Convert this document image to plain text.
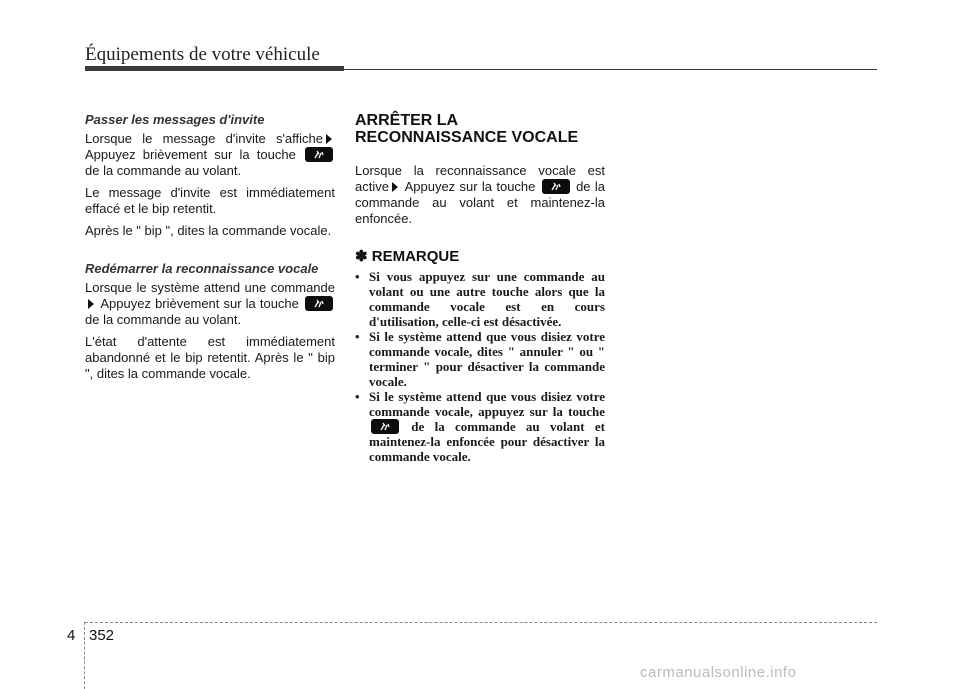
Équipements de votre véhicule
Passer les messages d'invite

Lorsque le message d'invite s'affiche Appuyez brièvement sur la touche
de la commande au volant.

Le message d'invite est immédiatement effacé et le bip retentit.

Après le " bip ", dites la commande vocale.

Redémarrer la reconnaissance vocale

Lorsque le système attend une commande Appuyez brièvement sur la touche
de la commande au volant.

L'état d'attente est immédiatement abandonné et le bip retentit. Après le " bip ", dites la commande vocale.

ARRÊTER LA
RECONNAISSANCE VOCALE

Lorsque la reconnaissance vocale est active Appuyez sur la touche	de la commande au volant et maintenez-la enfoncée.

✽ REMARQUE
• Si vous appuyez sur une commande au volant ou une autre touche alors que la commande vocale est en cours d'utilisation, celle-ci est désactivée.
• Si le système attend que vous disiez votre commande vocale, dites " annuler " ou " terminer " pour désactiver la commande vocale.
• Si le système attend que vous disiez votre commande vocale, appuyez sur la touche
de la commande au volant et maintenez-la enfoncée pour désactiver la commande vocale.
4 352
carmanualsonline.info
